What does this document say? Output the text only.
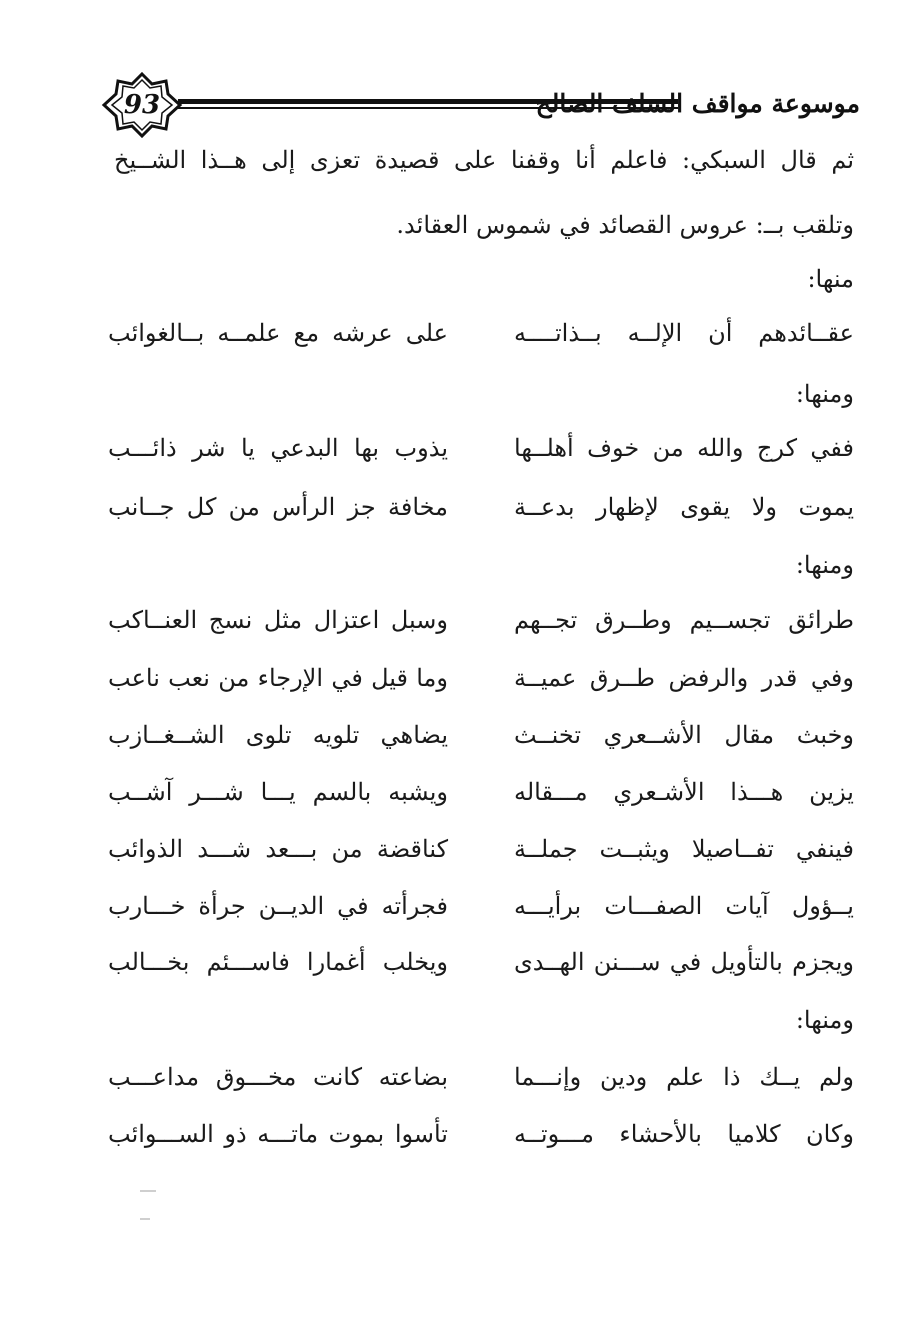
93	موسوعة مواقف السلف الصالح
ثم قال السبكي: فاعلم أنا وقفنا على قصيدة تعزى إلى هــذا الشــيخ
وتلقب بــ: عروس القصائد في شموس العقائد.
منها:
عقــائدهم أن الإلــه بــذاتــــه
على عرشه مع علمــه بــالغوائب
ومنها:
ففي كرج والله من خوف أهلــها
يذوب بها البدعي يا شر ذائـــب
يموت ولا يقوى لإظهار بدعــة
مخافة جز الرأس من كل جــانب
ومنها:
طرائق تجســيم وطــرق تجــهم
وسبل اعتزال مثل نسج العنــاكب
وفي قدر والرفض طــرق عميــة
وما قيل في الإرجاء من نعب ناعب
وخبث مقال الأشــعري تخنــث
يضاهي تلويه تلوى الشــغــازب
يزين هـــذا الأشـعري مـــقاله
ويشبه بالسم يـــا شـــر آشــب
فينفي تفــاصيلا ويثبــت جملــة
كناقضة من بـــعد شـــد الذوائب
يــؤول آيات الصفـــات برأيـــه
فجرأته في الديــن جرأة خـــارب
ويجزم بالتأويل في ســـنن الهــدى
ويخلب أغمارا فاســـئم بخـــالب
ومنها:
ولم يــك ذا علم ودين وإنـــما
بضاعته كانت مخـــوق مداعـــب
وكان كلاميا بالأحشاء مـــوتــه
تأسوا بموت ماتـــه ذو الســـوائب
